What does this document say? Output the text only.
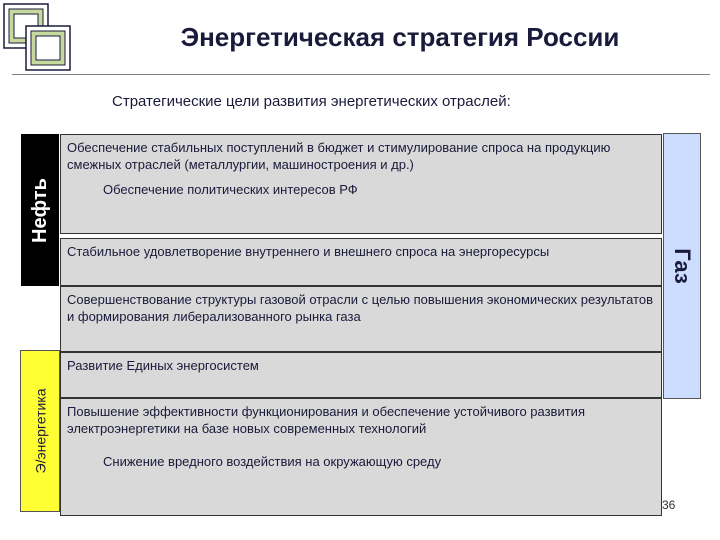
Энергетическая стратегия России
Стратегические цели развития энергетических отраслей:
Нефть
Э/энергетика
Газ
Обеспечение стабильных поступлений в бюджет и стимулирование спроса на продукцию смежных отраслей (металлургии, машиностроения и др.)
Обеспечение политических интересов РФ
Стабильное удовлетворение внутреннего и внешнего спроса на энергоресурсы
Совершенствование структуры газовой отрасли с целью повышения экономических результатов и формирования либерализованного рынка газа
Развитие Единых энергосистем
Повышение эффективности функционирования и обеспечение устойчивого развития электроэнергетики на базе новых современных технологий
Снижение вредного воздействия на окружающую среду
36
